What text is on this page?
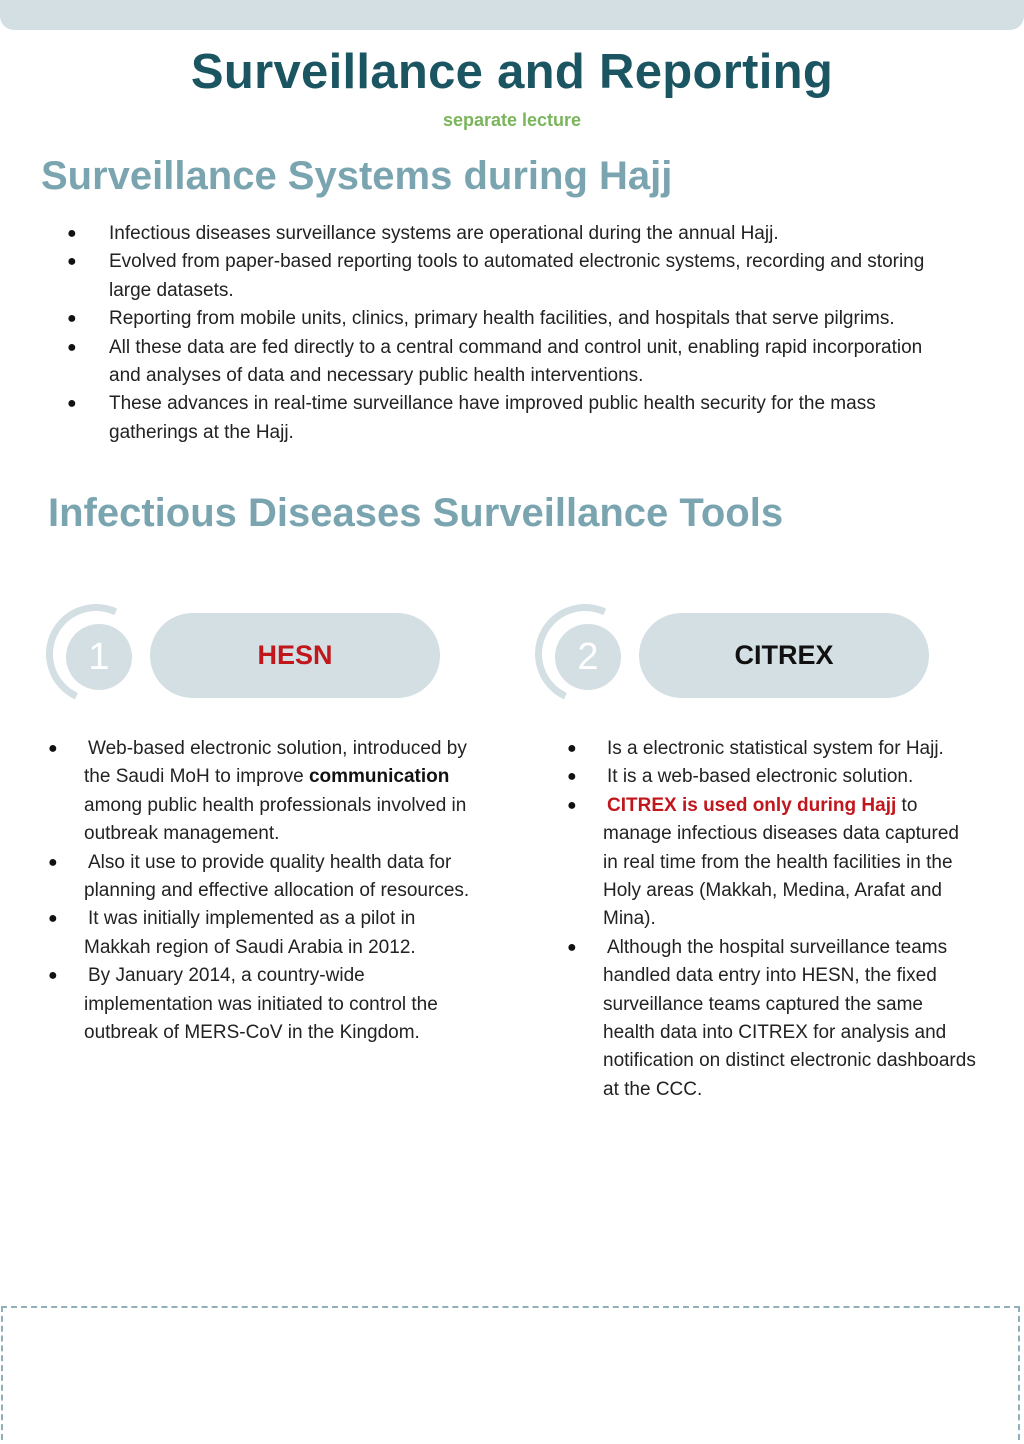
Surveillance and Reporting
separate lecture
Surveillance Systems during Hajj
● Infectious diseases surveillance systems are operational during the annual Hajj.
● Evolved from paper-based reporting tools to automated electronic systems, recording and storing large datasets.
● Reporting from mobile units, clinics, primary health facilities, and hospitals that serve pilgrims.
● All these data are fed directly to a central command and control unit, enabling rapid incorporation and analyses of data and necessary public health interventions.
● These advances in real-time surveillance have improved public health security for the mass gatherings at the Hajj.
Infectious Diseases Surveillance Tools
1	HESN	2	CITREX
● Web-based electronic solution, introduced by the Saudi MoH to improve communication among public health professionals involved in outbreak management.
● Also it use to provide quality health data for planning and effective allocation of resources.
● It was initially implemented as a pilot in Makkah region of Saudi Arabia in 2012.
● By January 2014, a country-wide implementation was initiated to control the outbreak of MERS-CoV in the Kingdom.
● Is a electronic statistical system for Hajj.
● It is a web-based electronic solution.
● CITREX is used only during Hajj to manage infectious diseases data captured in real time from the health facilities in the Holy areas (Makkah, Medina, Arafat and Mina).
● Although the hospital surveillance teams handled data entry into HESN, the fixed surveillance teams captured the same health data into CITREX for analysis and notification on distinct electronic dashboards at the CCC.
